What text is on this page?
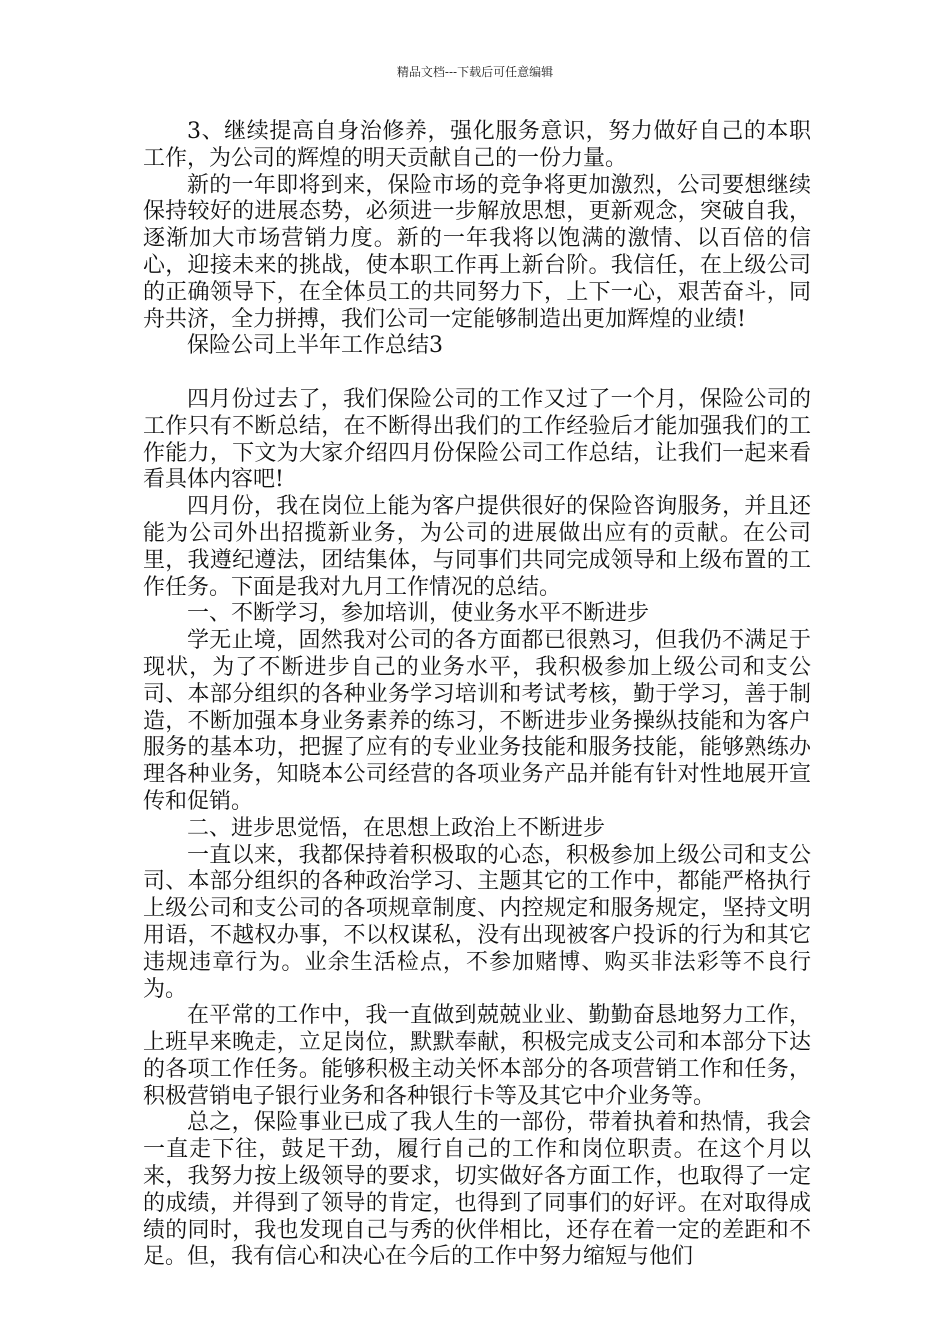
精品文档---下载后可任意编辑

3、继续提高自身治修养，强化服务意识，努力做好自己的本职工作，为公司的辉煌的明天贡献自己的一份力量。

新的一年即将到来，保险市场的竞争将更加激烈，公司要想继续保持较好的进展态势，必须进一步解放思想，更新观念，突破自我，逐渐加大市场营销力度。新的一年我将以饱满的激情、以百倍的信心，迎接未来的挑战，使本职工作再上新台阶。我信任，在上级公司的正确领导下，在全体员工的共同努力下，上下一心，艰苦奋斗，同舟共济，全力拼搏，我们公司一定能够制造出更加辉煌的业绩!

保险公司上半年工作总结3

四月份过去了，我们保险公司的工作又过了一个月，保险公司的工作只有不断总结，在不断得出我们的工作经验后才能加强我们的工作能力，下文为大家介绍四月份保险公司工作总结，让我们一起来看看具体内容吧!

四月份，我在岗位上能为客户提供很好的保险咨询服务，并且还能为公司外出招揽新业务，为公司的进展做出应有的贡献。在公司里，我遵纪遵法，团结集体，与同事们共同完成领导和上级布置的工作任务。下面是我对九月工作情况的总结。

一、不断学习，参加培训，使业务水平不断进步

学无止境，固然我对公司的各方面都已很熟习，但我仍不满足于现状，为了不断进步自己的业务水平，我积极参加上级公司和支公司、本部分组织的各种业务学习培训和考试考核，勤于学习，善于制造，不断加强本身业务素养的练习，不断进步业务操纵技能和为客户服务的基本功，把握了应有的专业业务技能和服务技能，能够熟练办理各种业务，知晓本公司经营的各项业务产品并能有针对性地展开宣传和促销。

二、进步思觉悟，在思想上政治上不断进步

一直以来，我都保持着积极取的心态，积极参加上级公司和支公司、本部分组织的各种政治学习、主题其它的工作中，都能严格执行上级公司和支公司的各项规章制度、内控规定和服务规定，坚持文明用语，不越权办事，不以权谋私，没有出现被客户投诉的行为和其它违规违章行为。业余生活检点，不参加赌博、购买非法彩等不良行为。

在平常的工作中，我一直做到兢兢业业、勤勤奋恳地努力工作，上班早来晚走，立足岗位，默默奉献，积极完成支公司和本部分下达的各项工作任务。能够积极主动关怀本部分的各项营销工作和任务，积极营销电子银行业务和各种银行卡等及其它中介业务等。

总之，保险事业已成了我人生的一部份，带着执着和热情，我会一直走下往，鼓足干劲，履行自己的工作和岗位职责。在这个月以来，我努力按上级领导的要求，切实做好各方面工作，也取得了一定的成绩，并得到了领导的肯定，也得到了同事们的好评。在对取得成绩的同时，我也发现自己与秀的伙伴相比，还存在着一定的差距和不足。但，我有信心和决心在今后的工作中努力缩短与他们
